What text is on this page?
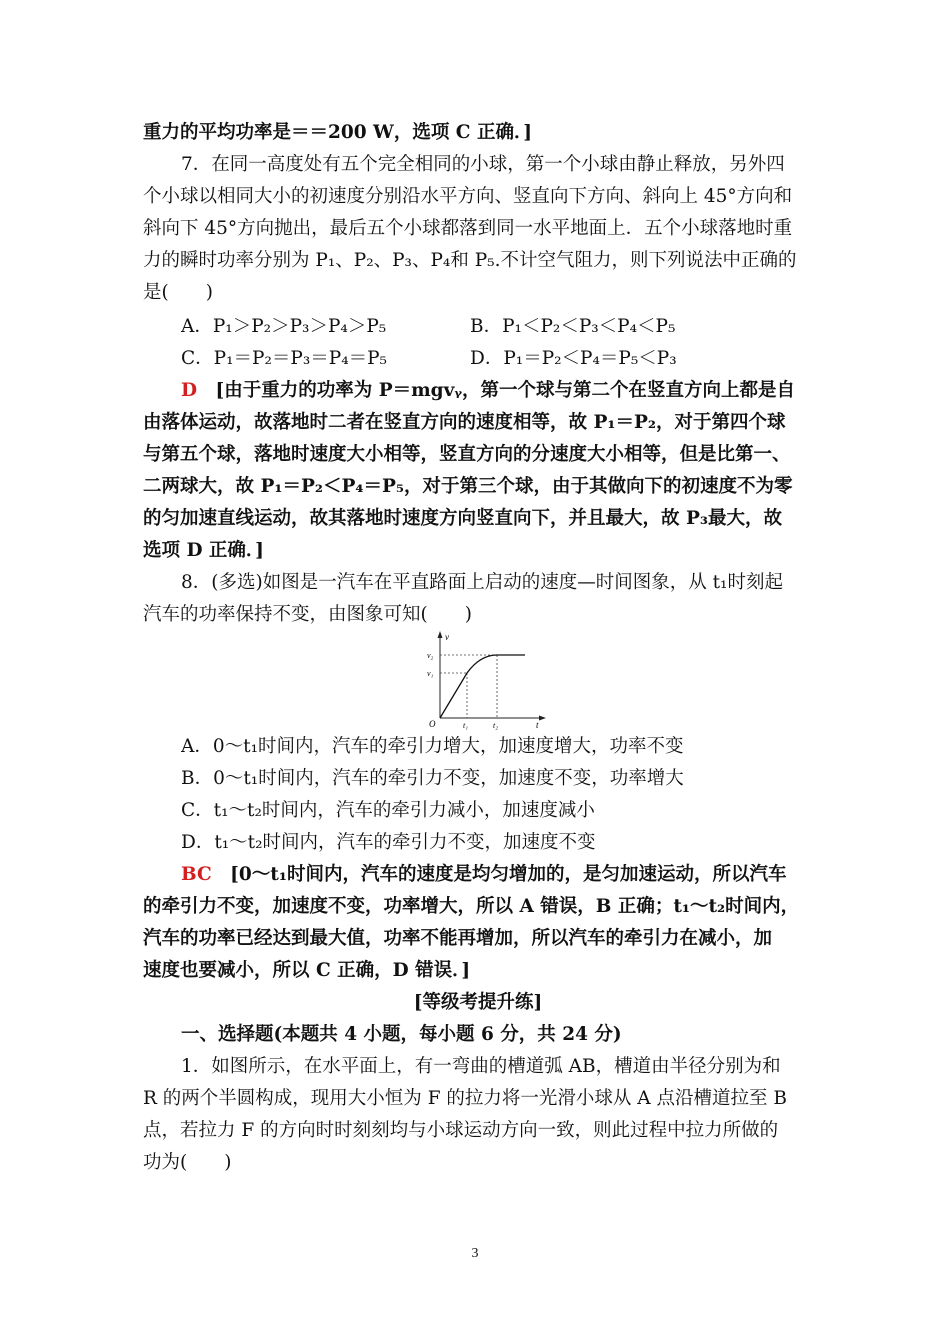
重力的平均功率是＝＝200 W，选项 C 正确．]
7．在同一高度处有五个完全相同的小球，第一个小球由静止释放，另外四
个小球以相同大小的初速度分别沿水平方向、竖直向下方向、斜向上 45°方向和
斜向下 45°方向抛出，最后五个小球都落到同一水平地面上．五个小球落地时重
力的瞬时功率分别为 P₁、P₂、P₃、P₄和 P₅.不计空气阻力，则下列说法中正确的
是(　　)
A．P₁＞P₂＞P₃＞P₄＞P₅	B．P₁＜P₂＜P₃＜P₄＜P₅
C．P₁＝P₂＝P₃＝P₄＝P₅	D．P₁＝P₂＜P₄＝P₅＜P₃
D [由于重力的功率为 P＝mgvᵧ，第一个球与第二个在竖直方向上都是自
由落体运动，故落地时二者在竖直方向的速度相等，故 P₁＝P₂，对于第四个球
与第五个球，落地时速度大小相等，竖直方向的分速度大小相等，但是比第一、
二两球大，故 P₁＝P₂＜P₄＝P₅，对于第三个球，由于其做向下的初速度不为零
的匀加速直线运动，故其落地时速度方向竖直向下，并且最大，故 P₃最大，故
选项 D 正确．]
8．(多选)如图是一汽车在平直路面上启动的速度—时间图象，从 t₁时刻起
汽车的功率保持不变，由图象可知(　　)
v
t
O
v₁
v₂
t₁	t₂
A．0～t₁时间内，汽车的牵引力增大，加速度增大，功率不变
B．0～t₁时间内，汽车的牵引力不变，加速度不变，功率增大
C．t₁～t₂时间内，汽车的牵引力减小，加速度减小
D．t₁～t₂时间内，汽车的牵引力不变，加速度不变
BC [0～t₁时间内，汽车的速度是均匀增加的，是匀加速运动，所以汽车
的牵引力不变，加速度不变，功率增大，所以 A 错误，B 正确；t₁～t₂时间内，
汽车的功率已经达到最大值，功率不能再增加，所以汽车的牵引力在减小，加
速度也要减小，所以 C 正确，D 错误．]
[等级考提升练]
一、选择题(本题共 4 小题，每小题 6 分，共 24 分)
1．如图所示，在水平面上，有一弯曲的槽道弧 AB，槽道由半径分别为和
R 的两个半圆构成，现用大小恒为 F 的拉力将一光滑小球从 A 点沿槽道拉至 B
点，若拉力 F 的方向时时刻刻均与小球运动方向一致，则此过程中拉力所做的
功为(　　)
3
